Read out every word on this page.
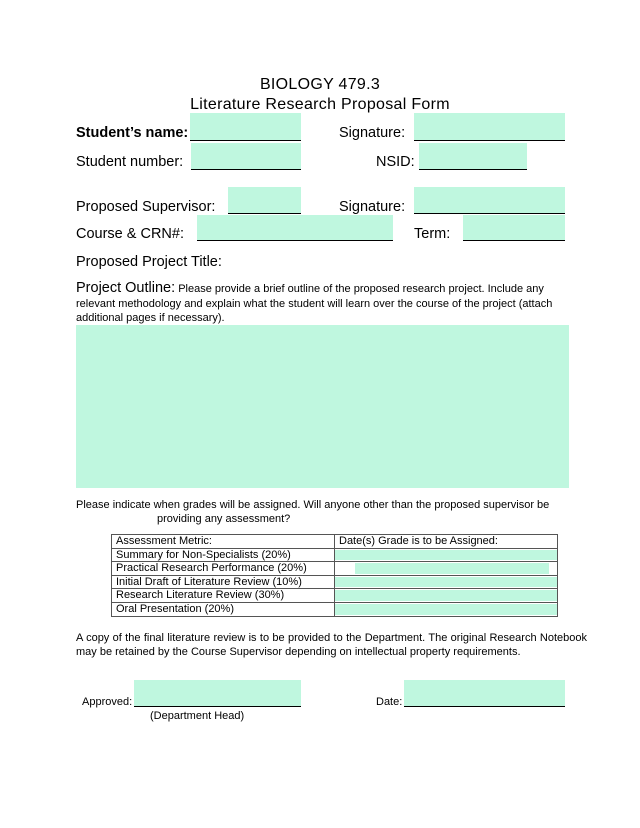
BIOLOGY 479.3
Literature Research Proposal Form
Student’s name:	Signature:
Student number:	NSID:
Proposed Supervisor:	Signature:
Course & CRN#:	Term:
Proposed Project Title:
Project Outline: Please provide a brief outline of the proposed research project. Include any relevant methodology and explain what the student will learn over the course of the project (attach additional pages if necessary).
Please indicate when grades will be assigned. Will anyone other than the proposed supervisor be
providing any assessment?
Assessment Metric:	Date(s) Grade is to be Assigned:
Summary for Non-Specialists (20%)	

Practical Research Performance (20%)	

Initial Draft of Literature Review (10%)	

Research Literature Review (30%)	

Oral Presentation (20%)	
A copy of the final literature review is to be provided to the Department. The original Research Notebook may be retained by the Course Supervisor depending on intellectual property requirements.
Approved:
(Department Head)
Date:
